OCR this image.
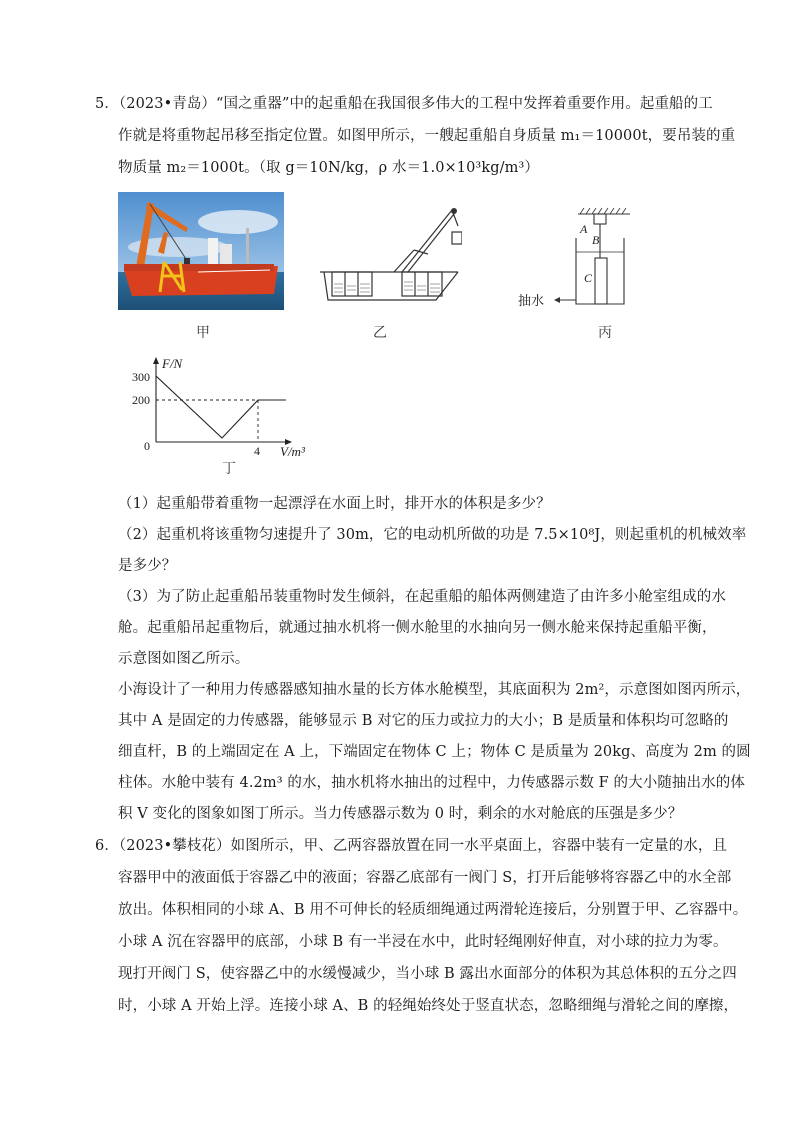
5．（2023•青岛）“国之重器”中的起重船在我国很多伟大的工程中发挥着重要作用。起重船的工
作就是将重物起吊移至指定位置。如图甲所示，一艘起重船自身质量 m₁＝10000t，要吊装的重
物质量 m₂＝1000t。（取 g＝10N/kg，ρ 水＝1.0×10³kg/m³）
甲	乙
A
B
C
抽水
丙
F/N
V/m³
300
200
0	4
丁
（1）起重船带着重物一起漂浮在水面上时，排开水的体积是多少？
（2）起重机将该重物匀速提升了 30m，它的电动机所做的功是 7.5×10⁸J，则起重机的机械效率
是多少？
（3）为了防止起重船吊装重物时发生倾斜，在起重船的船体两侧建造了由许多小舱室组成的水
舱。起重船吊起重物后，就通过抽水机将一侧水舱里的水抽向另一侧水舱来保持起重船平衡，
示意图如图乙所示。
小海设计了一种用力传感器感知抽水量的长方体水舱模型，其底面积为 2m²，示意图如图丙所示，
其中 A 是固定的力传感器，能够显示 B 对它的压力或拉力的大小；B 是质量和体积均可忽略的
细直杆，B 的上端固定在 A 上，下端固定在物体 C 上；物体 C 是质量为 20kg、高度为 2m 的圆
柱体。水舱中装有 4.2m³ 的水，抽水机将水抽出的过程中，力传感器示数 F 的大小随抽出水的体
积 V 变化的图象如图丁所示。当力传感器示数为 0 时，剩余的水对舱底的压强是多少？
6．（2023•攀枝花）如图所示，甲、乙两容器放置在同一水平桌面上，容器中装有一定量的水，且
容器甲中的液面低于容器乙中的液面；容器乙底部有一阀门 S，打开后能够将容器乙中的水全部
放出。体积相同的小球 A、B 用不可伸长的轻质细绳通过两滑轮连接后，分别置于甲、乙容器中。
小球 A 沉在容器甲的底部，小球 B 有一半浸在水中，此时轻绳刚好伸直，对小球的拉力为零。
现打开阀门 S，使容器乙中的水缓慢减少，当小球 B 露出水面部分的体积为其总体积的五分之四
时，小球 A 开始上浮。连接小球 A、B 的轻绳始终处于竖直状态，忽略细绳与滑轮之间的摩擦，
